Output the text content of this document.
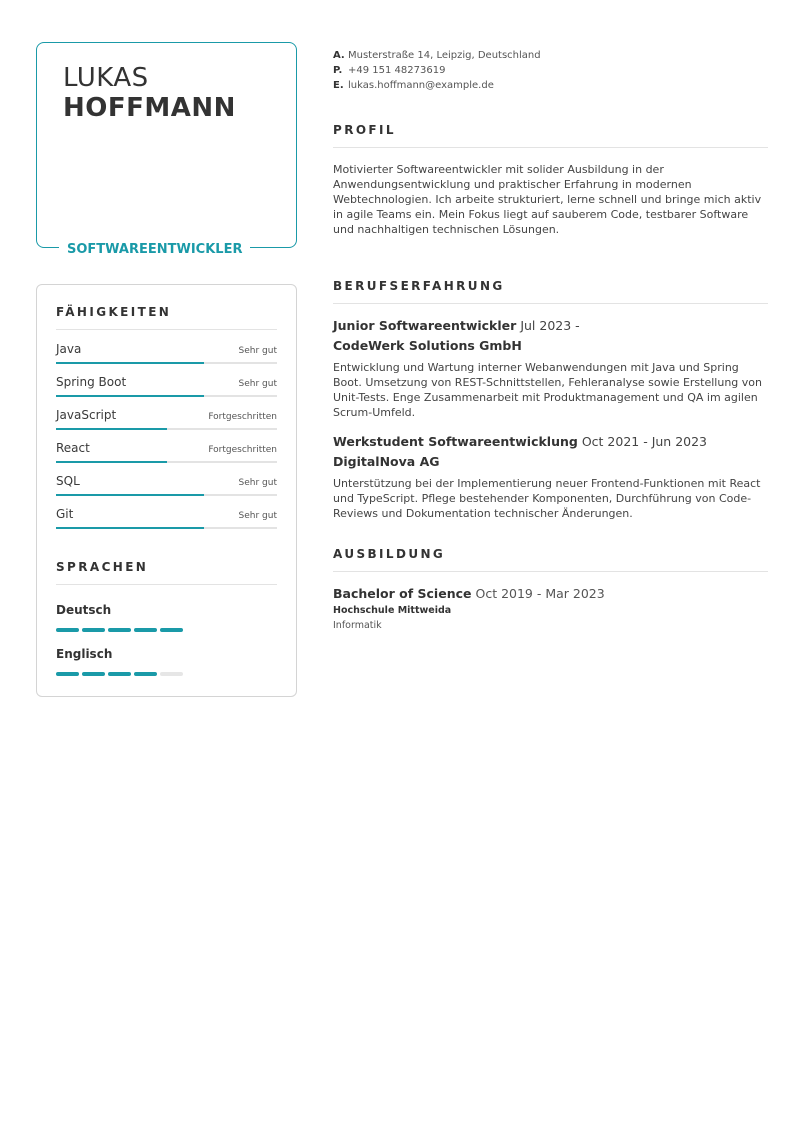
LUKAS
HOFFMANN
SOFTWAREENTWICKLER
FÄHIGKEITEN
Java	Sehr gut
Spring Boot	Sehr gut
JavaScript	Fortgeschritten
React	Fortgeschritten
SQL	Sehr gut
Git	Sehr gut
SPRACHEN
Deutsch
Englisch
A. Musterstraße 14, Leipzig, Deutschland
P. +49 151 48273619
E. lukas.hoffmann@example.de
PROFIL
Motivierter Softwareentwickler mit solider Ausbildung in der Anwendungsentwicklung und praktischer Erfahrung in modernen Webtechnologien. Ich arbeite strukturiert, lerne schnell und bringe mich aktiv in agile Teams ein. Mein Fokus liegt auf sauberem Code, testbarer Software und nachhaltigen technischen Lösungen.
BERUFSERFAHRUNG
Junior Softwareentwickler Jul 2023 -
CodeWerk Solutions GmbH
Entwicklung und Wartung interner Webanwendungen mit Java und Spring Boot. Umsetzung von REST-Schnittstellen, Fehleranalyse sowie Erstellung von Unit-Tests. Enge Zusammenarbeit mit Produktmanagement und QA im agilen Scrum-Umfeld.
Werkstudent Softwareentwicklung Oct 2021 - Jun 2023
DigitalNova AG
Unterstützung bei der Implementierung neuer Frontend-Funktionen mit React und TypeScript. Pflege bestehender Komponenten, Durchführung von Code-Reviews und Dokumentation technischer Änderungen.
AUSBILDUNG
Bachelor of Science Oct 2019 - Mar 2023
Hochschule Mittweida
Informatik
